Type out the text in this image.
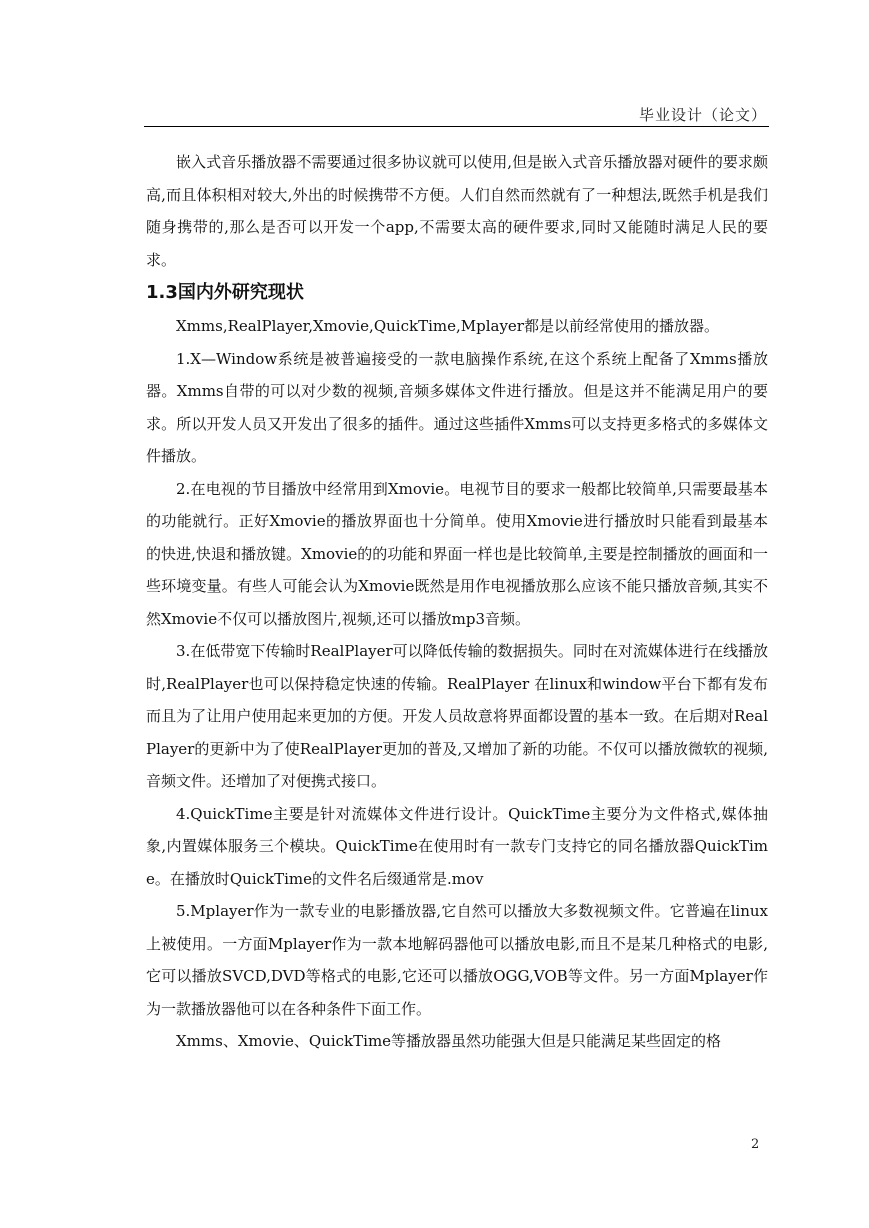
毕业设计（论文）

嵌入式音乐播放器不需要通过很多协议就可以使用,但是嵌入式音乐播放器对硬件的要求颇高,而且体积相对较大,外出的时候携带不方便。人们自然而然就有了一种想法,既然手机是我们随身携带的,那么是否可以开发一个app,不需要太高的硬件要求,同时又能随时满足人民的要求。

1.3国内外研究现状

Xmms,RealPlayer,Xmovie,QuickTime,Mplayer都是以前经常使用的播放器。

1.X—Window系统是被普遍接受的一款电脑操作系统,在这个系统上配备了Xmms播放器。Xmms自带的可以对少数的视频,音频多媒体文件进行播放。但是这并不能满足用户的要求。所以开发人员又开发出了很多的插件。通过这些插件Xmms可以支持更多格式的多媒体文件播放。

2.在电视的节目播放中经常用到Xmovie。电视节目的要求一般都比较简单,只需要最基本的功能就行。正好Xmovie的播放界面也十分简单。使用Xmovie进行播放时只能看到最基本的快进,快退和播放键。Xmovie的的功能和界面一样也是比较简单,主要是控制播放的画面和一些环境变量。有些人可能会认为Xmovie既然是用作电视播放那么应该不能只播放音频,其实不然Xmovie不仅可以播放图片,视频,还可以播放mp3音频。

3.在低带宽下传输时RealPlayer可以降低传输的数据损失。同时在对流媒体进行在线播放时,RealPlayer也可以保持稳定快速的传输。RealPlayer 在linux和window平台下都有发布而且为了让用户使用起来更加的方便。开发人员故意将界面都设置的基本一致。在后期对RealPlayer的更新中为了使RealPlayer更加的普及,又增加了新的功能。不仅可以播放微软的视频,音频文件。还增加了对便携式接口。

4.QuickTime主要是针对流媒体文件进行设计。QuickTime主要分为文件格式,媒体抽象,内置媒体服务三个模块。QuickTime在使用时有一款专门支持它的同名播放器QuickTime。在播放时QuickTime的文件名后缀通常是.mov

5.Mplayer作为一款专业的电影播放器,它自然可以播放大多数视频文件。它普遍在linux上被使用。一方面Mplayer作为一款本地解码器他可以播放电影,而且不是某几种格式的电影,它可以播放SVCD,DVD等格式的电影,它还可以播放OGG,VOB等文件。另一方面Mplayer作为一款播放器他可以在各种条件下面工作。

Xmms、Xmovie、QuickTime等播放器虽然功能强大但是只能满足某些固定的格

2
